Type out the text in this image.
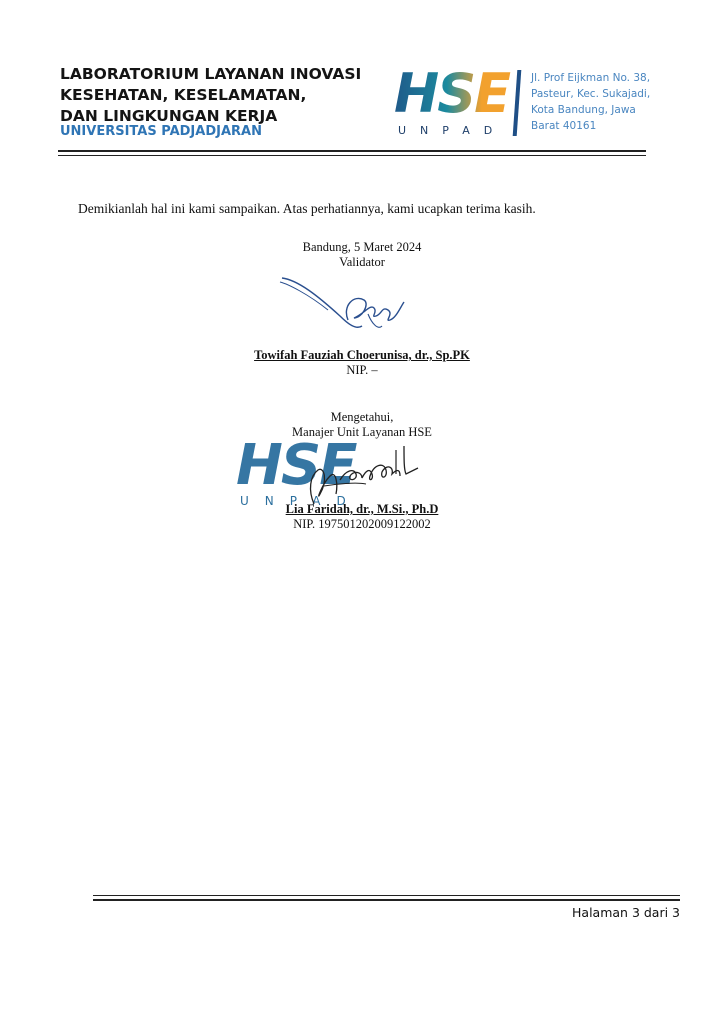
LABORATORIUM LAYANAN INOVASI
KESEHATAN, KESELAMATAN,
DAN LINGKUNGAN KERJA
UNIVERSITAS PADJADJARAN
HSE
UNPAD
Jl. Prof Eijkman No. 38,
Pasteur, Kec. Sukajadi,
Kota Bandung, Jawa
Barat 40161
Demikianlah hal ini kami sampaikan. Atas perhatiannya, kami ucapkan terima kasih.
Bandung, 5 Maret 2024
Validator
Towifah Fauziah Choerunisa, dr., Sp.PK
NIP. –
Mengetahui,
Manajer Unit Layanan HSE
HSE
UNPAD
Lia Faridah, dr., M.Si., Ph.D
NIP. 197501202009122002
Halaman 3 dari 3
